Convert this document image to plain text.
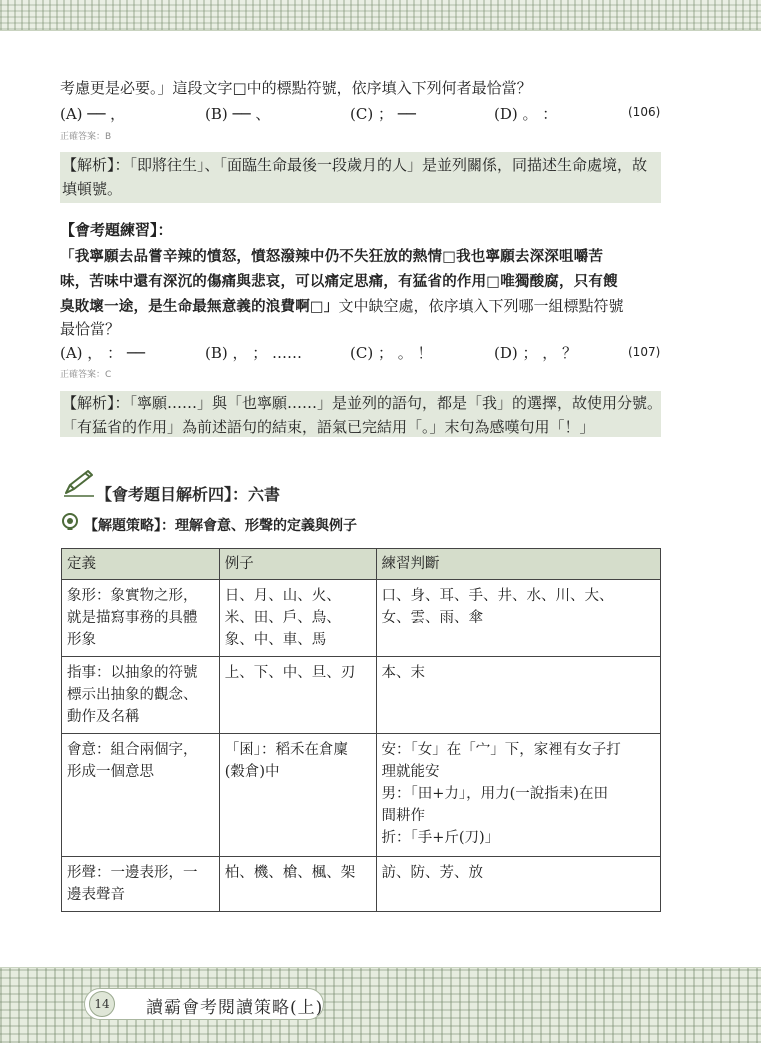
考慮更是必要。」這段文字□中的標點符號，依序填入下列何者最恰當？
(A) ── ，	(B) ── 、	(C) ； ──	(D) 。 ：	(106)
正確答案：B
【解析】：「即將往生」、「面臨生命最後一段歲月的人」是並列關係，同描述生命處境，故
填頓號。
【會考題練習】：
「我寧願去品嘗辛辣的憤怒，憤怒潑辣中仍不失狂放的熱情□我也寧願去深深咀嚼苦
味，苦味中還有深沉的傷痛與悲哀，可以痛定思痛，有猛省的作用□唯獨酸腐，只有餿
臭敗壞一途，是生命最無意義的浪費啊□」文中缺空處，依序填入下列哪一組標點符號
最恰當？
(A) ， ： ──	(B) ， ； ……	(C) ； 。 ！	(D) ； ， ？	(107)
正確答案：C
【解析】：「寧願……」與「也寧願……」是並列的語句，都是「我」的選擇，故使用分號。
「有猛省的作用」為前述語句的結束，語氣已完結用「。」末句為感嘆句用「！」
【會考題目解析四】：六書
【解題策略】：理解會意、形聲的定義與例子
定義	例子	練習判斷

象形：象實物之形，
就是描寫事務的具體
形象	日、月、山、火、
米、田、戶、鳥、
象、中、車、馬	口、身、耳、手、井、水、川、大、
女、雲、雨、傘

指事：以抽象的符號
標示出抽象的觀念、
動作及名稱	上、下、中、旦、刃	本、末

會意：組合兩個字，
形成一個意思	「囷」：稻禾在倉廩
(穀倉)中	安：「女」在「宀」下，家裡有女子打
理就能安
男：「田+力」，用力(一說指耒)在田
間耕作
折：「手+斤(刀)」

形聲：一邊表形，一
邊表聲音	柏、機、槍、楓、架	訪、防、芳、放
14	讀霸會考閱讀策略(上)
